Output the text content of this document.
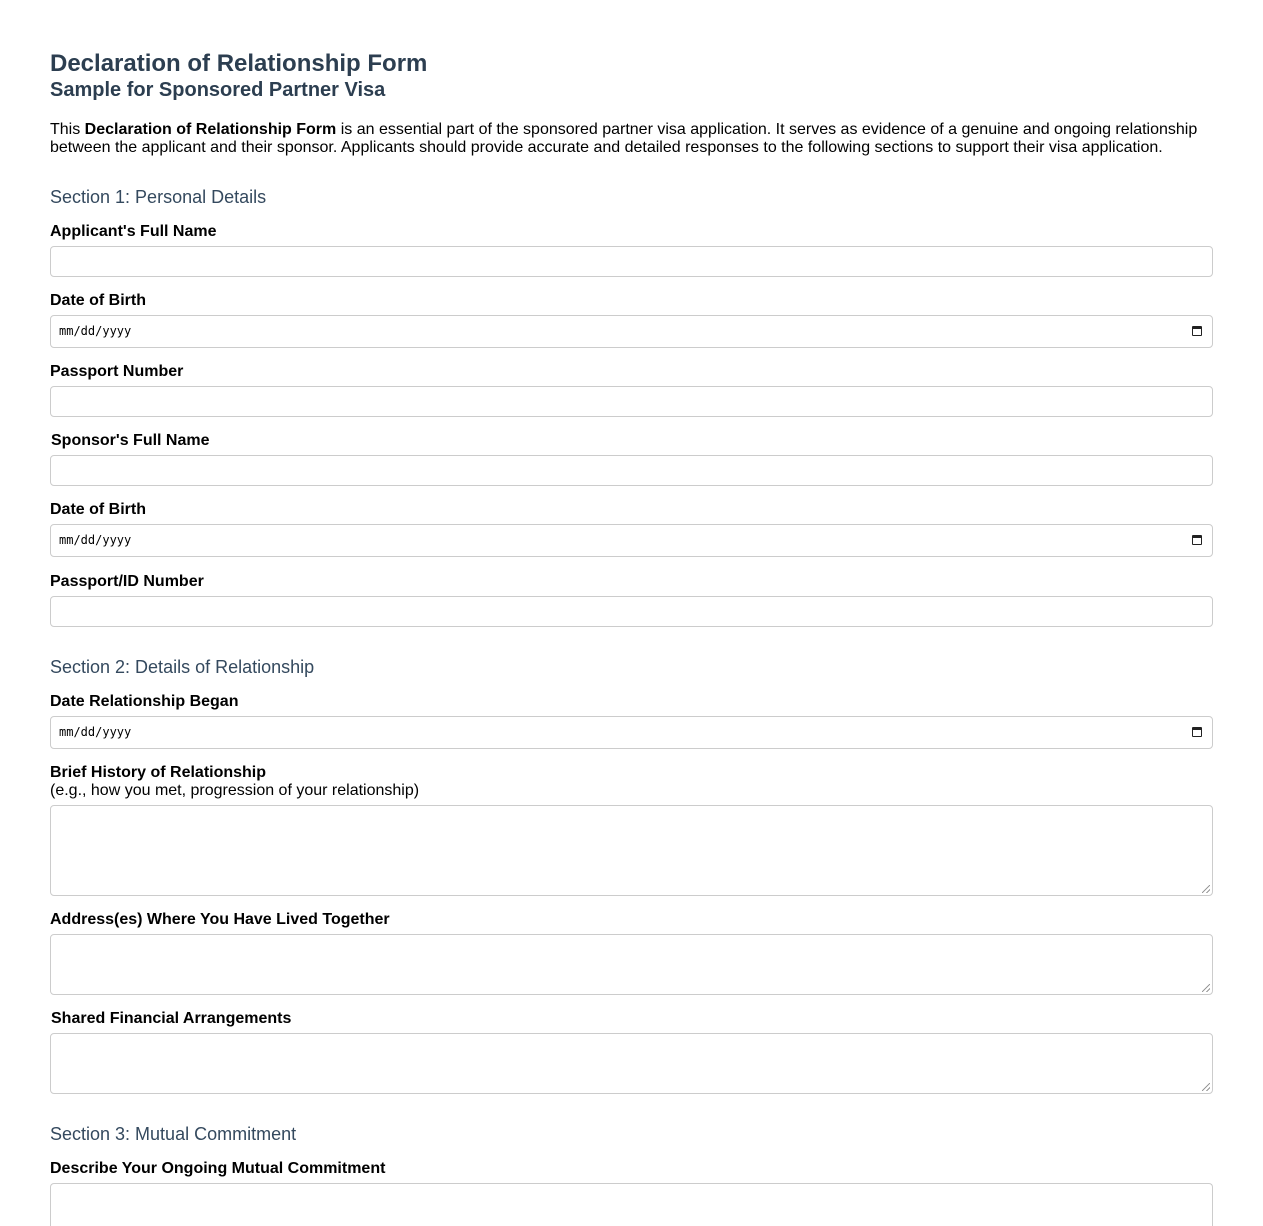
Declaration of Relationship Form
Sample for Sponsored Partner Visa

This Declaration of Relationship Form is an essential part of the sponsored partner visa application. It serves as evidence of a genuine and ongoing relationship between the applicant and their sponsor. Applicants should provide accurate and detailed responses to the following sections to support their visa application.

Section 1: Personal Details
Applicant's Full Name
Date of Birth
mm/dd/yyyy
Passport Number
Sponsor's Full Name
Date of Birth
mm/dd/yyyy
Passport/ID Number
Section 2: Details of Relationship
Date Relationship Began
mm/dd/yyyy
Brief History of Relationship
(e.g., how you met, progression of your relationship)
Address(es) Where You Have Lived Together
Shared Financial Arrangements
Section 3: Mutual Commitment
Describe Your Ongoing Mutual Commitment
